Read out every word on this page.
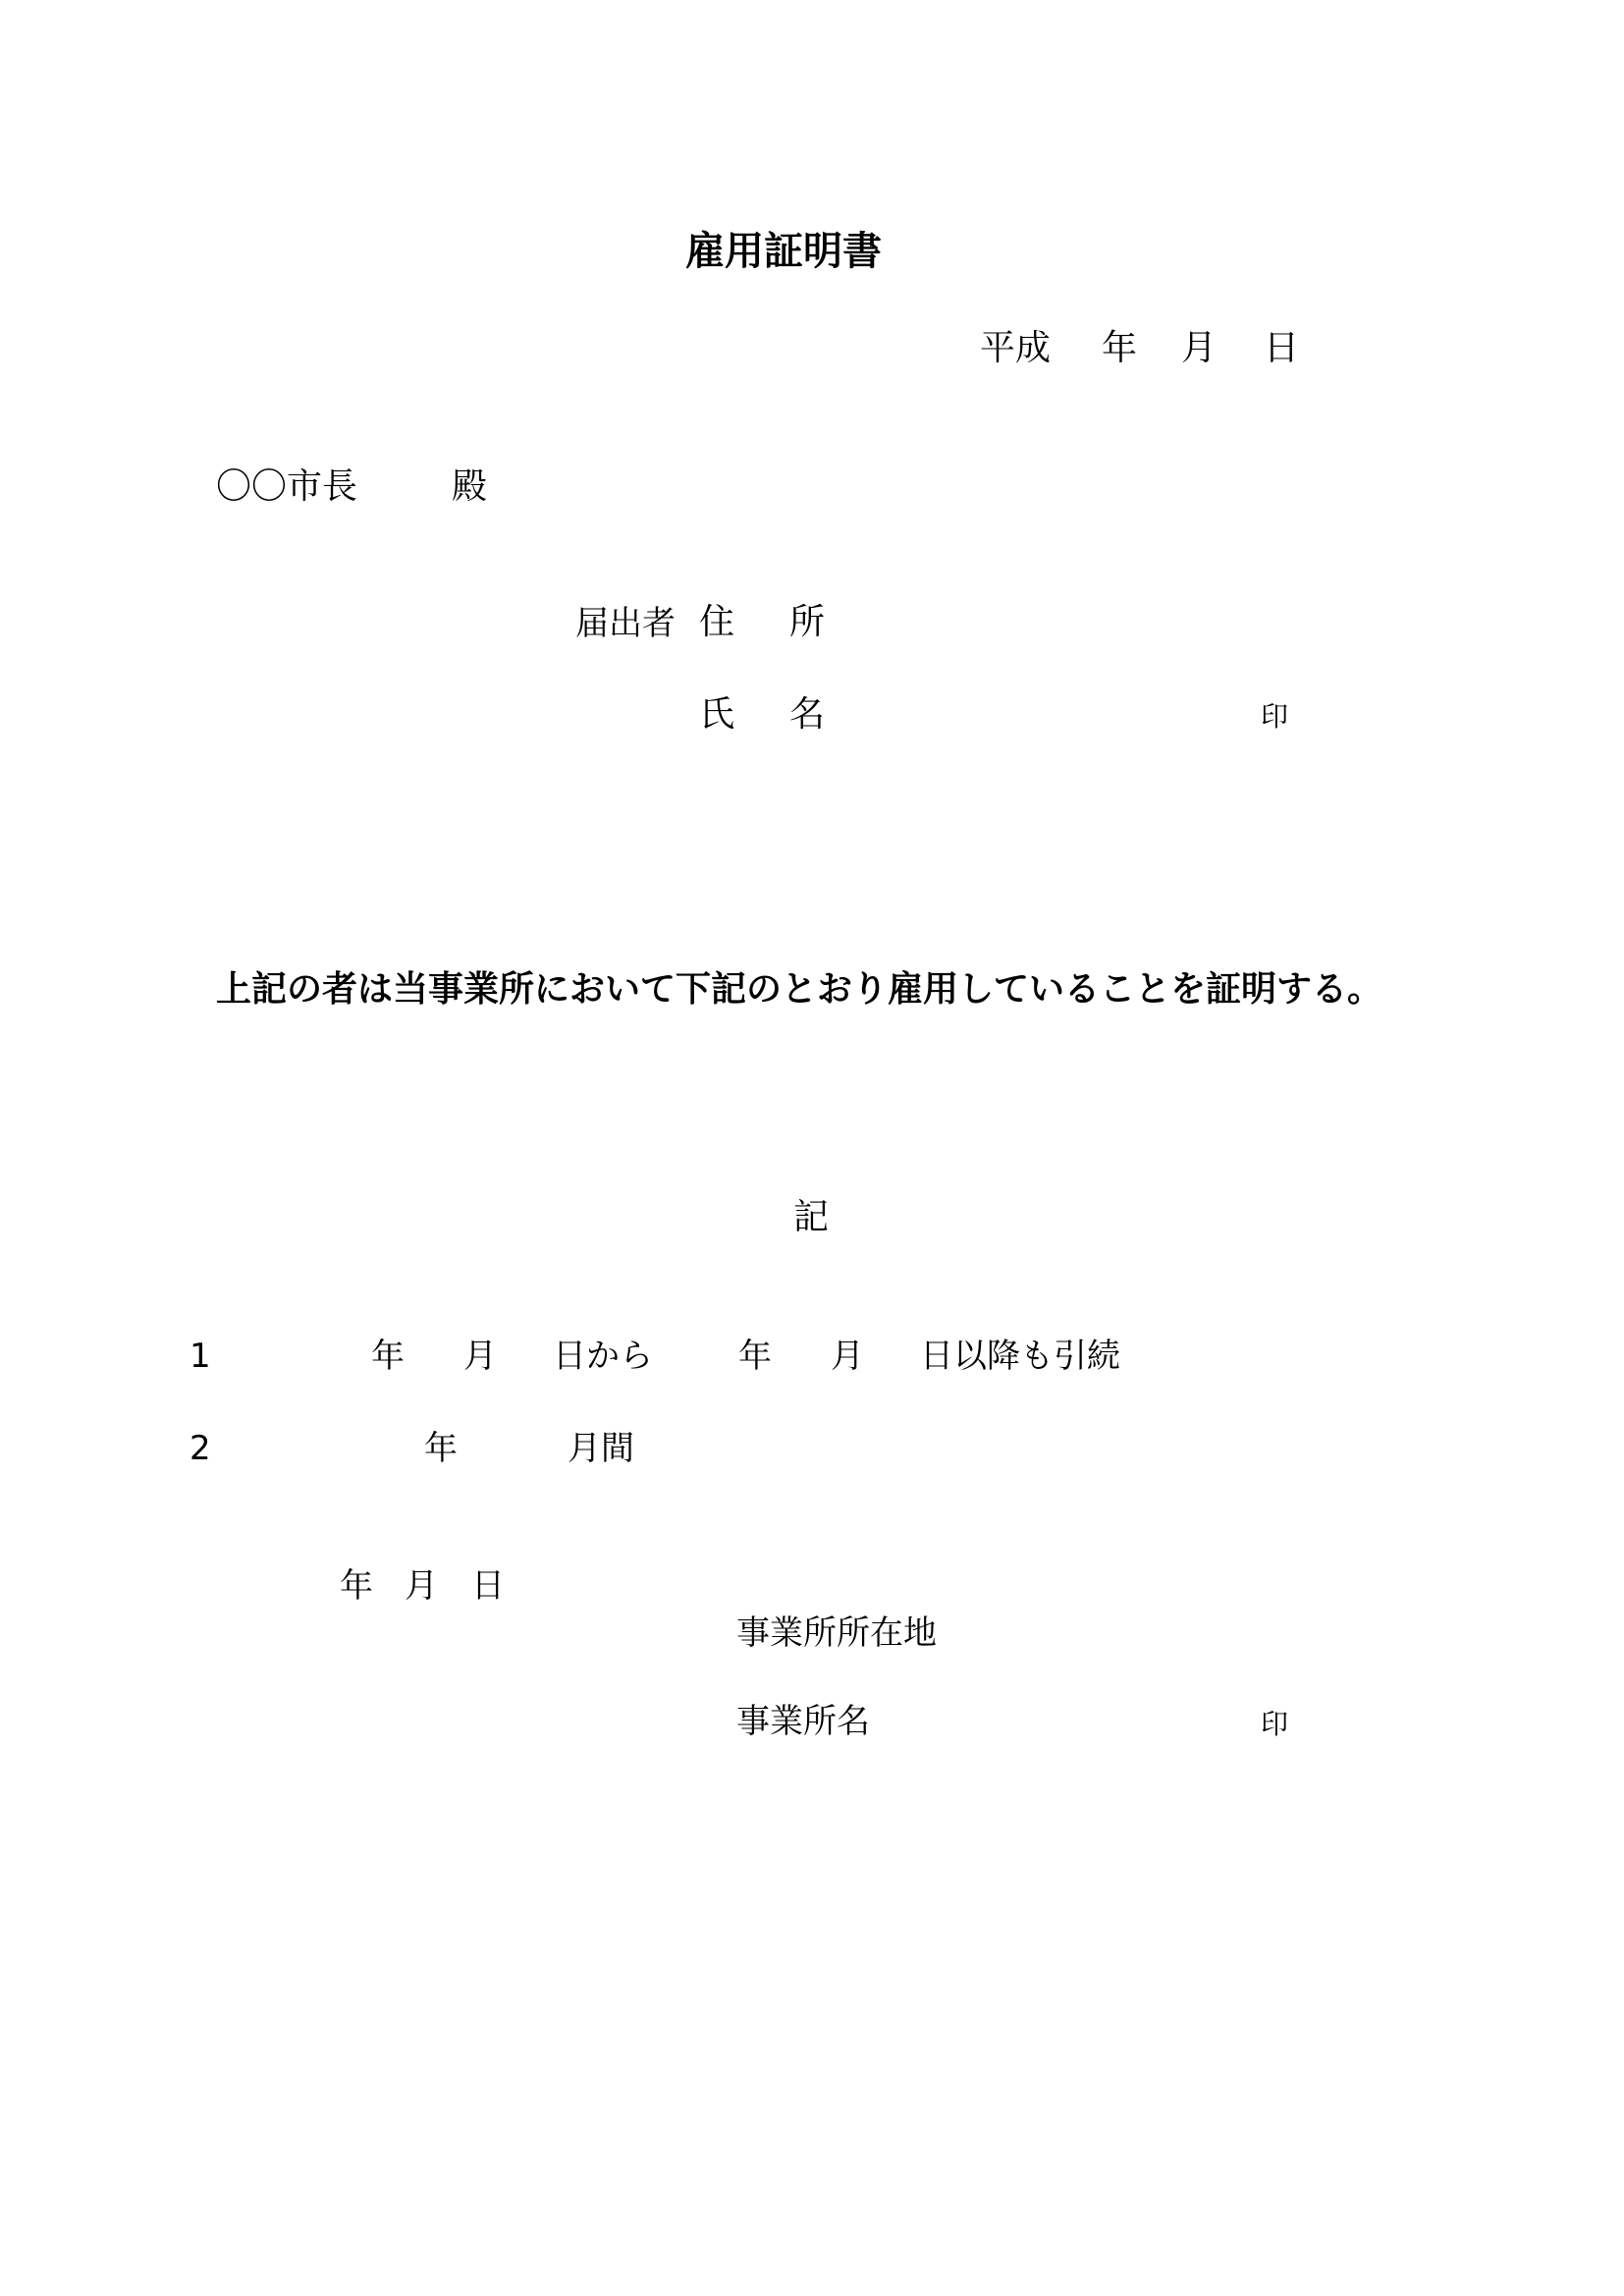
雇用証明書
平成 年 月 日
〇〇市長	殿
届出者 住 所
氏 名	印
上記の者は当事業所において下記のとおり雇用していることを証明する。
記
1	年 月 日から	年 月 日以降も引続
2	年	月間
年 月 日
事業所所在地
事業所名	印
